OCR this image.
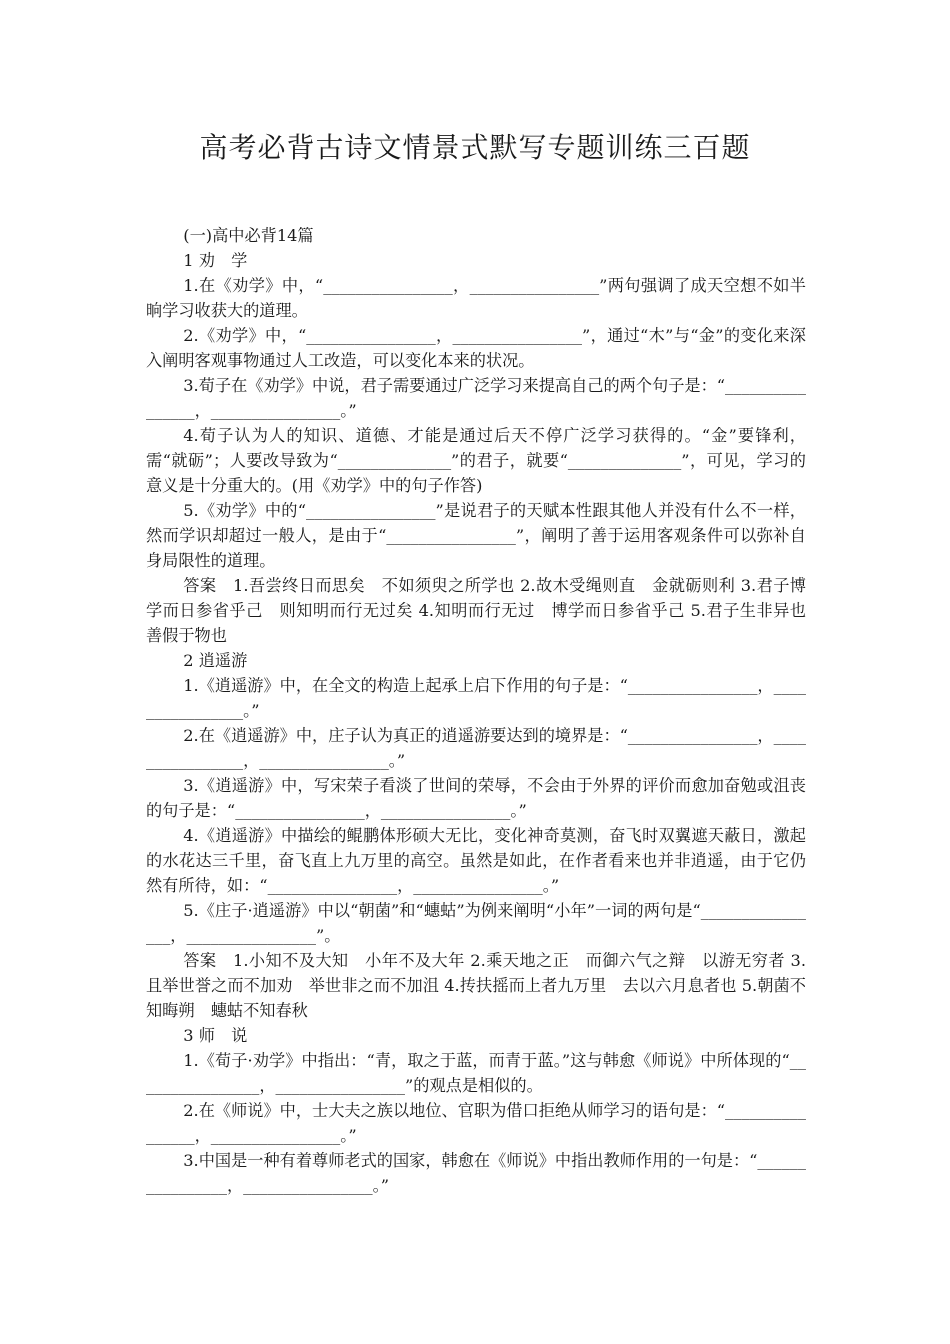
高考必背古诗文情景式默写专题训练三百题

(一)高中必背14篇

1 劝　学

1.在《劝学》中，“________________，________________”两句强调了成天空想不如半晌学习收获大的道理。

2.《劝学》中，“________________，________________”，通过“木”与“金”的变化来深入阐明客观事物通过人工改造，可以变化本来的状况。

3.荀子在《劝学》中说，君子需要通过广泛学习来提高自己的两个句子是：“________________，________________。”

4.荀子认为人的知识、道德、才能是通过后天不停广泛学习获得的。“金”要锋利，需“就砺”；人要改导致为“______________”的君子，就要“______________”，可见，学习的意义是十分重大的。(用《劝学》中的句子作答)

5.《劝学》中的“________________”是说君子的天赋本性跟其他人并没有什么不一样，然而学识却超过一般人，是由于“________________”，阐明了善于运用客观条件可以弥补自身局限性的道理。

答案　1.吾尝终日而思矣　不如须臾之所学也 2.故木受绳则直　金就砺则利 3.君子博学而日参省乎己　则知明而行无过矣 4.知明而行无过　博学而日参省乎己 5.君子生非异也　善假于物也

2 逍遥游

1.《逍遥游》中，在全文的构造上起承上启下作用的句子是：“________________，________________。”

2.在《逍遥游》中，庄子认为真正的逍遥游要达到的境界是：“________________，________________，________________。”

3.《逍遥游》中，写宋荣子看淡了世间的荣辱，不会由于外界的评价而愈加奋勉或沮丧的句子是：“________________，________________。”

4.《逍遥游》中描绘的鲲鹏体形硕大无比，变化神奇莫测，奋飞时双翼遮天蔽日，激起的水花达三千里，奋飞直上九万里的高空。虽然是如此，在作者看来也并非逍遥，由于它仍然有所待，如：“________________，________________。”

5.《庄子·逍遥游》中以“朝菌”和“蟪蛄”为例来阐明“小年”一词的两句是“________________，________________”。

答案　1.小知不及大知　小年不及大年 2.乘天地之正　而御六气之辩　以游无穷者 3.且举世誉之而不加劝　举世非之而不加沮 4.抟扶摇而上者九万里　去以六月息者也 5.朝菌不知晦朔　蟪蛄不知春秋

3 师　说

1.《荀子·劝学》中指出：“青，取之于蓝，而青于蓝。”这与韩愈《师说》中所体现的“________________，________________”的观点是相似的。

2.在《师说》中，士大夫之族以地位、官职为借口拒绝从师学习的语句是：“________________，________________。”

3.中国是一种有着尊师老式的国家，韩愈在《师说》中指出教师作用的一句是：“________________，________________。”
